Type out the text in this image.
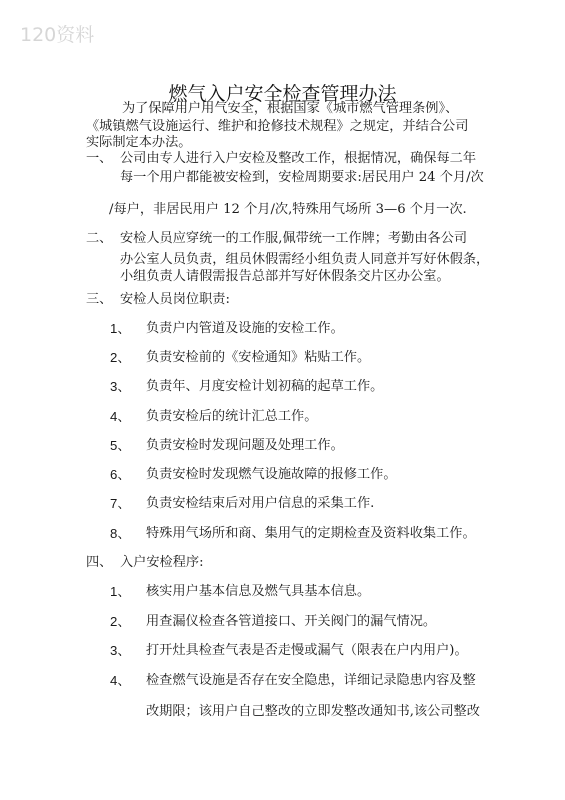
120资料
燃气入户安全检查管理办法
为了保障用户用气安全，根据国家《城市燃气管理条例》、
《城镇燃气设施运行、维护和抢修技术规程》之规定，并结合公司
实际制定本办法。
一、 公司由专人进行入户安检及整改工作，根据情况，确保每二年
每一个用户都能被安检到，安检周期要求:居民用户 24 个月/次
/每户，非居民用户 12 个月/次,特殊用气场所 3—6 个月一次.
二、 安检人员应穿统一的工作服,佩带统一工作牌；考勤由各公司
办公室人员负责，组员休假需经小组负责人同意并写好休假条，
小组负责人请假需报告总部并写好休假条交片区办公室。
三、 安检人员岗位职责:
1、 负责户内管道及设施的安检工作。
2、 负责安检前的《安检通知》粘贴工作。
3、 负责年、月度安检计划初稿的起草工作。
4、 负责安检后的统计汇总工作。
5、 负责安检时发现问题及处理工作。
6、 负责安检时发现燃气设施故障的报修工作。
7、 负责安检结束后对用户信息的采集工作.
8、 特殊用气场所和商、集用气的定期检查及资料收集工作。
四、 入户安检程序:
1、 核实用户基本信息及燃气具基本信息。
2、 用查漏仪检查各管道接口、开关阀门的漏气情况。
3、 打开灶具检查气表是否走慢或漏气（限表在户内用户)。
4、 检查燃气设施是否存在安全隐患，详细记录隐患内容及整
改期限；该用户自己整改的立即发整改通知书,该公司整改
